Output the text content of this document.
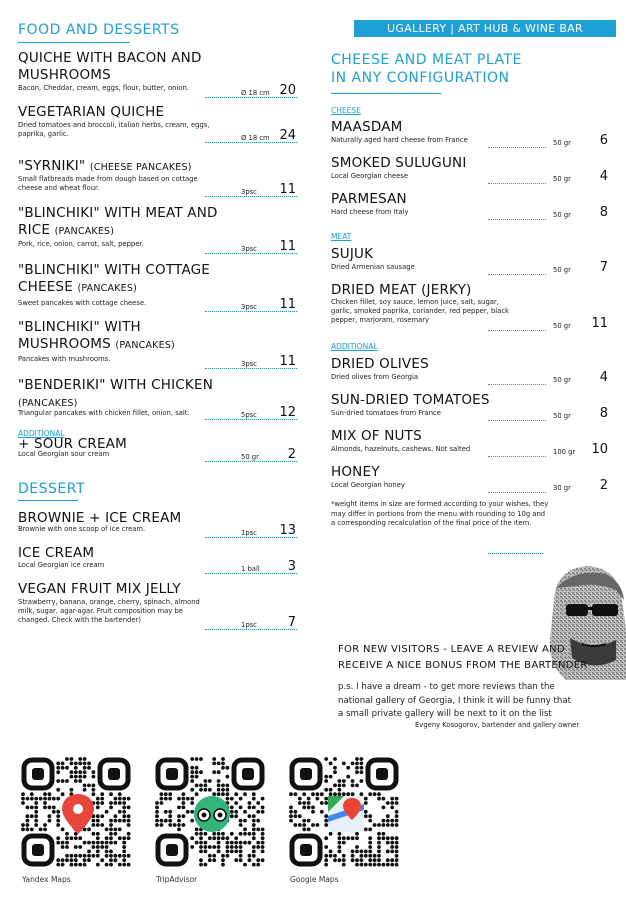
FOOD AND DESSERTS
QUICHE WITH BACON AND MUSHROOMS
Bacon, Cheddar, cream, eggs, flour, butter, onion.
Ø 18 cm 20
VEGETARIAN QUICHE
Dried tomatoes and broccoli, italian herbs, cream, eggs, paprika, garlic.	Ø 18 cm 24
"SYRNIKI" (CHEESE PANCAKES)
Small flatbreads made from dough based on cottage cheese and wheat flour.	3psc	11
"BLINCHIKI" WITH MEAT AND RICE (PANCAKES)
Pork, rice, onion, carrot, salt, pepper.
3psc	11
"BLINCHIKI" WITH COTTAGE CHEESE (PANCAKES)
Sweet pancakes with cottage cheese.	3psc	11
"BLINCHIKI" WITH MUSHROOMS (PANCAKES)
Pancakes with mushrooms.
3psc	11
"BENDERIKI" WITH CHICKEN (PANCAKES)
Triangular pancakes with chicken fillet, onion, salt.	5psc	12
+ SOUR CREAM
Local Georgian sour cream	50 gr	2
BROWNIE + ICE CREAM
Brownie with one scoop of ice cream.	1psc	13
ICE CREAM
Local Georgian ice cream	1 ball	3
VEGAN FRUIT MIX JELLY
Strawberry, banana, orange, cherry, spinach, almond milk, sugar, agar-agar. Fruit composition may be changed. Check with the bartender)
1psc	7
ADDITIONAL
DESSERT
UGALLERY | ART HUB & WINE BAR
CHEESE AND MEAT PLATE
IN ANY CONFIGURATION
CHEESE
MEAT
ADDITIONAL
MAASDAM
Naturally aged hard cheese from France	50 gr	6
SMOKED SULUGUNI
Local Georgian cheese	50 gr	4
PARMESAN
Hard cheese from Italy	50 gr	8
SUJUK
Dried Armenian sausage	50 gr	7
DRIED MEAT (JERKY)
Chicken fillet, soy sauce, lemon juice, salt, sugar, garlic, smoked paprika, coriander, red pepper, black pepper, marjoram, rosemary
50 gr	11
DRIED OLIVES
Dried olives from Georgia	50 gr	4
SUN-DRIED TOMATOES
Sun-dried tomatoes from France	50 gr	8
MIX OF NUTS
Almonds, hazelnuts, cashews. Not salted	100 gr	10
HONEY
Local Georgian honey	30 gr	2
*weight items in size are formed according to your wishes, they may differ in portions from the menu with rounding to 10g and a corresponding recalculation of the final price of the item.
FOR NEW VISITORS - LEAVE A REVIEW AND
RECEIVE A NICE BONUS FROM THE BARTENDER
p.s. I have a dream - to get more reviews than the national gallery of Georgia, I think it will be funny that a small private gallery will be next to it on the list
Evgeny Kosogorov, bartender and gallery owner
Yandex Maps	TripAdvisor	Google Maps
